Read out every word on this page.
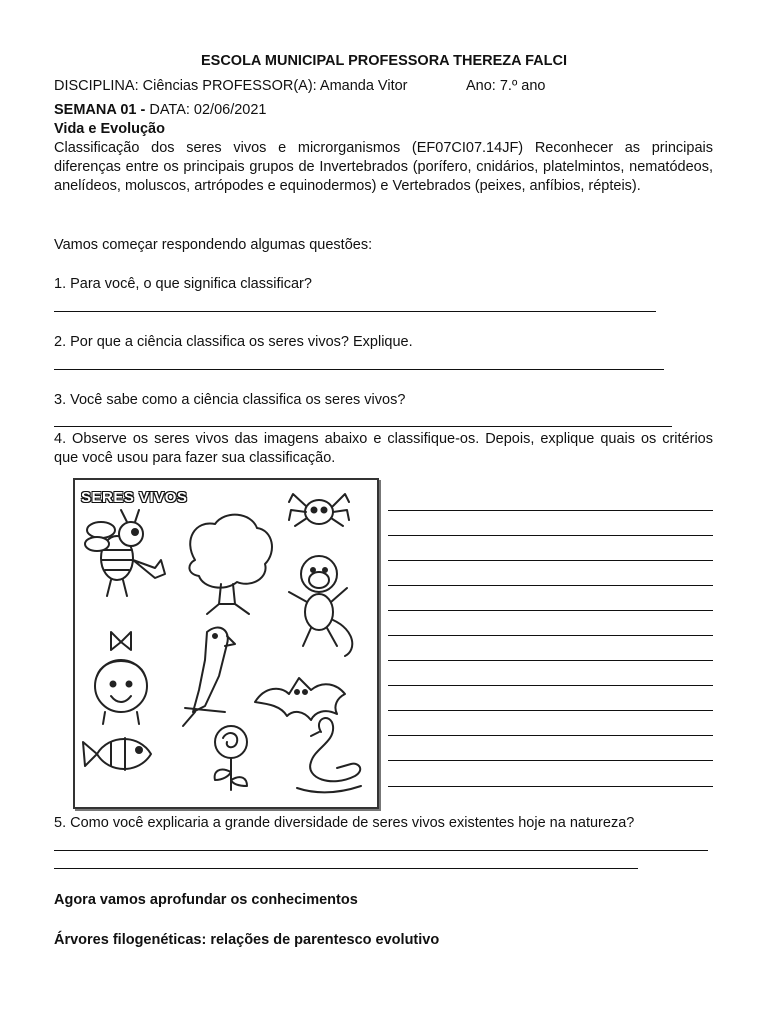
ESCOLA MUNICIPAL PROFESSORA THEREZA FALCI
DISCIPLINA: Ciências PROFESSOR(A): Amanda Vitor	Ano: 7.º ano
SEMANA 01 - DATA: 02/06/2021
Vida e Evolução
Classificação dos seres vivos e microrganismos (EF07CI07.14JF) Reconhecer as principais diferenças entre os principais grupos de Invertebrados (porífero, cnidários, platelmintos, nematódeos, anelídeos, moluscos, artrópodes e equinodermos) e Vertebrados (peixes, anfíbios, répteis).
Vamos começar respondendo algumas questões:
1. Para você, o que significa classificar?
2. Por que a ciência classifica os seres vivos? Explique.
3. Você sabe como a ciência classifica os seres vivos?
4. Observe os seres vivos das imagens abaixo e classifique-os. Depois, explique quais os critérios que você usou para fazer sua classificação.
SERES VIVOS
5. Como você explicaria a grande diversidade de seres vivos existentes hoje na natureza?
Agora vamos aprofundar os conhecimentos
Árvores filogenéticas: relações de parentesco evolutivo
